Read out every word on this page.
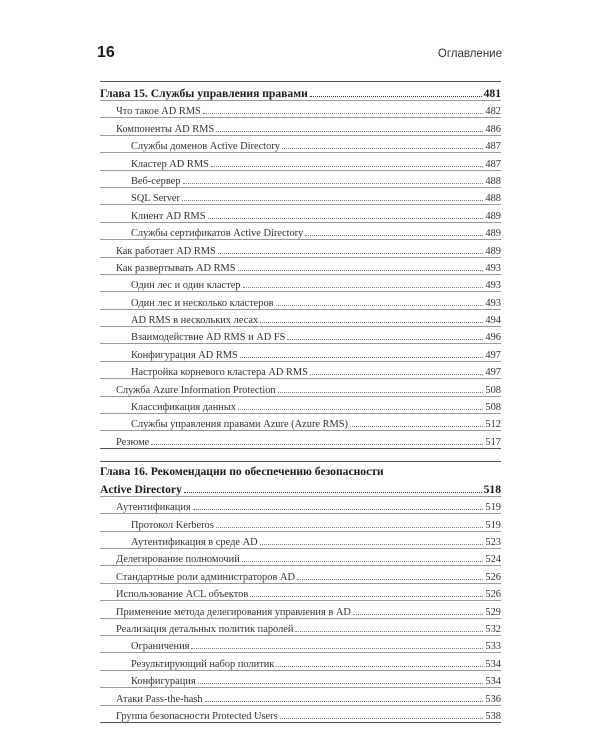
16	Оглавление
Глава 15. Службы управления правами	481
Что такое AD RMS	482
Компоненты AD RMS	486
Службы доменов Active Directory	487
Кластер AD RMS	487
Веб-сервер	488
SQL Server	488
Клиент AD RMS	489
Службы сертификатов Active Directory	489
Как работает AD RMS	489
Как развертывать AD RMS	493
Один лес и один кластер	493
Один лес и несколько кластеров	493
AD RMS в нескольких лесах	494
Взаимодействие AD RMS и AD FS	496
Конфигурация AD RMS	497
Настройка корневого кластера AD RMS	497
Служба Azure Information Protection	508
Классификация данных	508
Службы управления правами Azure (Azure RMS)	512
Резюме	517
Глава 16. Рекомендации по обеспечению безопасности
Active Directory	518
Аутентификация	519
Протокол Kerberos	519
Аутентификация в среде AD	523
Делегирование полномочий	524
Стандартные роли администраторов AD	526
Использование ACL объектов	526
Применение метода делегирования управления в AD	529
Реализация детальных политик паролей	532
Ограничения	533
Результирующий набор политик	534
Конфигурация	534
Атаки Pass-the-hash	536
Группа безопасности Protected Users	538
